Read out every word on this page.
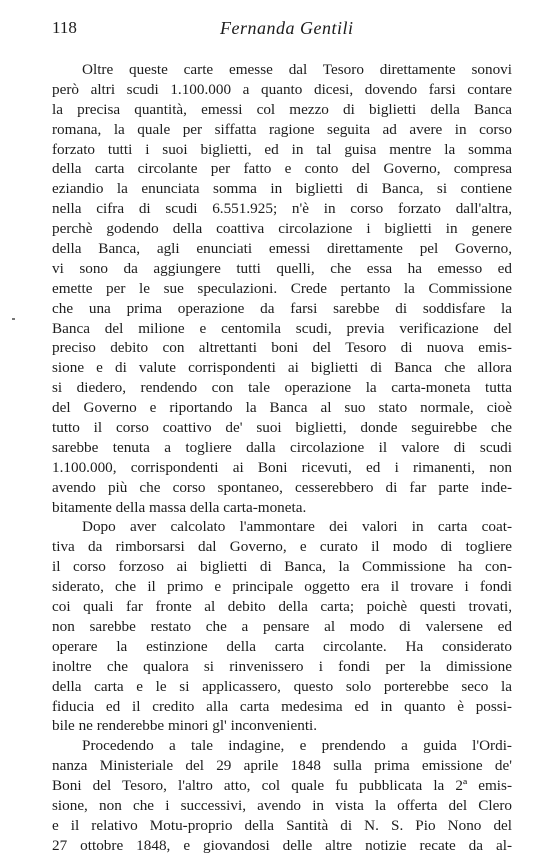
118	Fernanda Gentili
Oltre queste carte emesse dal Tesoro direttamente sonovi
però altri scudi 1.100.000 a quanto dicesi, dovendo farsi contare
la precisa quantità, emessi col mezzo di biglietti della Banca
romana, la quale per siffatta ragione seguita ad avere in corso
forzato tutti i suoi biglietti, ed in tal guisa mentre la somma
della carta circolante per fatto e conto del Governo, compresa
eziandio la enunciata somma in biglietti di Banca, si contiene
nella cifra di scudi 6.551.925; n'è in corso forzato dall'altra,
perchè godendo della coattiva circolazione i biglietti in genere
della Banca, agli enunciati emessi direttamente pel Governo,
vi sono da aggiungere tutti quelli, che essa ha emesso ed
emette per le sue speculazioni. Crede pertanto la Commissione
che una prima operazione da farsi sarebbe di soddisfare la
Banca del milione e centomila scudi, previa verificazione del
preciso debito con altrettanti boni del Tesoro di nuova emis-
sione e di valute corrispondenti ai biglietti di Banca che allora
si diedero, rendendo con tale operazione la carta-moneta tutta
del Governo e riportando la Banca al suo stato normale, cioè
tutto il corso coattivo de' suoi biglietti, donde seguirebbe che
sarebbe tenuta a togliere dalla circolazione il valore di scudi
1.100.000, corrispondenti ai Boni ricevuti, ed i rimanenti, non
avendo più che corso spontaneo, cesserebbero di far parte inde-
bitamente della massa della carta-moneta.
Dopo aver calcolato l'ammontare dei valori in carta coat-
tiva da rimborsarsi dal Governo, e curato il modo di togliere
il corso forzoso ai biglietti di Banca, la Commissione ha con-
siderato, che il primo e principale oggetto era il trovare i fondi
coi quali far fronte al debito della carta; poichè questi trovati,
non sarebbe restato che a pensare al modo di valersene ed
operare la estinzione della carta circolante. Ha considerato
inoltre che qualora si rinvenissero i fondi per la dimissione
della carta e le si applicassero, questo solo porterebbe seco la
fiducia ed il credito alla carta medesima ed in quanto è possi-
bile ne renderebbe minori gl' inconvenienti.
Procedendo a tale indagine, e prendendo a guida l'Ordi-
nanza Ministeriale del 29 aprile 1848 sulla prima emissione de'
Boni del Tesoro, l'altro atto, col quale fu pubblicata la 2ª emis-
sione, non che i successivi, avendo in vista la offerta del Clero
e il relativo Motu-proprio della Santità di N. S. Pio Nono del
27 ottobre 1848, e giovandosi delle altre notizie recate da al-
